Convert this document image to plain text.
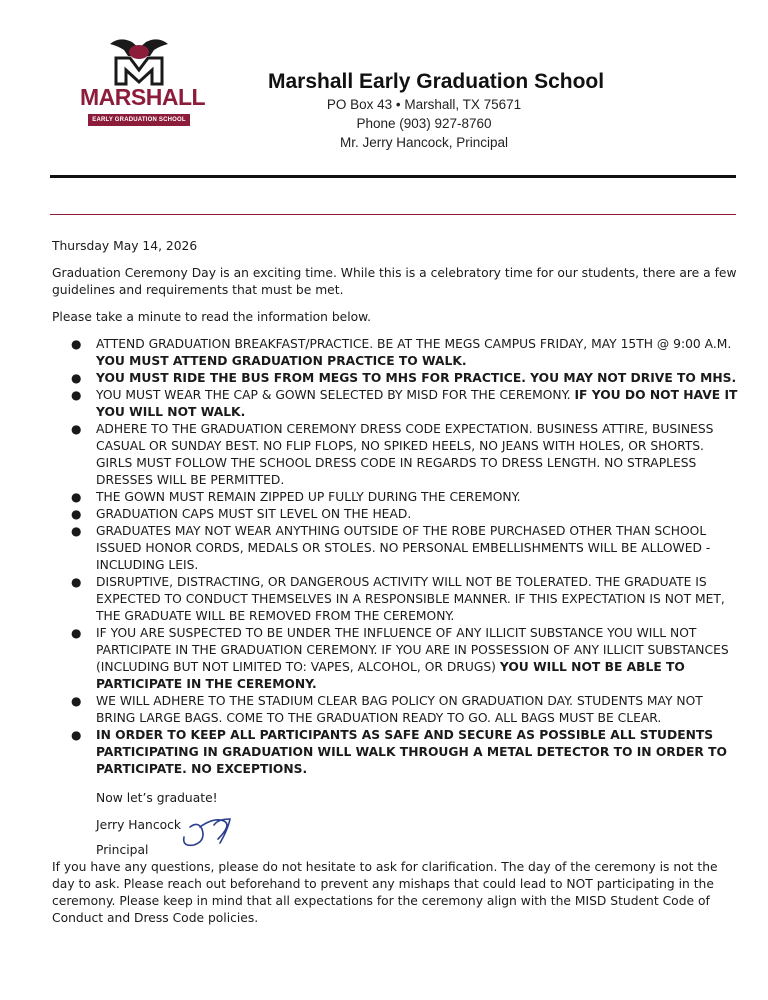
MARSHALL
EARLY GRADUATION SCHOOL
Marshall Early Graduation School
PO Box 43 • Marshall, TX 75671
Phone (903) 927-8760
Mr. Jerry Hancock, Principal

Thursday May 14, 2026

Graduation Ceremony Day is an exciting time. While this is a celebratory time for our students, there are a few guidelines and requirements that must be met.

Please take a minute to read the information below.

● ATTEND GRADUATION BREAKFAST/PRACTICE. BE AT THE MEGS CAMPUS FRIDAY, MAY 15TH @ 9:00 A.M. YOU MUST ATTEND GRADUATION PRACTICE TO WALK.
● YOU MUST RIDE THE BUS FROM MEGS TO MHS FOR PRACTICE. YOU MAY NOT DRIVE TO MHS.
● YOU MUST WEAR THE CAP & GOWN SELECTED BY MISD FOR THE CEREMONY. IF YOU DO NOT HAVE IT YOU WILL NOT WALK.
● ADHERE TO THE GRADUATION CEREMONY DRESS CODE EXPECTATION. BUSINESS ATTIRE, BUSINESS CASUAL OR SUNDAY BEST. NO FLIP FLOPS, NO SPIKED HEELS, NO JEANS WITH HOLES, OR SHORTS. GIRLS MUST FOLLOW THE SCHOOL DRESS CODE IN REGARDS TO DRESS LENGTH. NO STRAPLESS DRESSES WILL BE PERMITTED.
● THE GOWN MUST REMAIN ZIPPED UP FULLY DURING THE CEREMONY.
● GRADUATION CAPS MUST SIT LEVEL ON THE HEAD.
● GRADUATES MAY NOT WEAR ANYTHING OUTSIDE OF THE ROBE PURCHASED OTHER THAN SCHOOL ISSUED HONOR CORDS, MEDALS OR STOLES. NO PERSONAL EMBELLISHMENTS WILL BE ALLOWED - INCLUDING LEIS.
● DISRUPTIVE, DISTRACTING, OR DANGEROUS ACTIVITY WILL NOT BE TOLERATED. THE GRADUATE IS EXPECTED TO CONDUCT THEMSELVES IN A RESPONSIBLE MANNER. IF THIS EXPECTATION IS NOT MET, THE GRADUATE WILL BE REMOVED FROM THE CEREMONY.
● IF YOU ARE SUSPECTED TO BE UNDER THE INFLUENCE OF ANY ILLICIT SUBSTANCE YOU WILL NOT PARTICIPATE IN THE GRADUATION CEREMONY. IF YOU ARE IN POSSESSION OF ANY ILLICIT SUBSTANCES (INCLUDING BUT NOT LIMITED TO: VAPES, ALCOHOL, OR DRUGS) YOU WILL NOT BE ABLE TO PARTICIPATE IN THE CEREMONY.
● WE WILL ADHERE TO THE STADIUM CLEAR BAG POLICY ON GRADUATION DAY. STUDENTS MAY NOT BRING LARGE BAGS. COME TO THE GRADUATION READY TO GO. ALL BAGS MUST BE CLEAR.
● IN ORDER TO KEEP ALL PARTICIPANTS AS SAFE AND SECURE AS POSSIBLE ALL STUDENTS PARTICIPATING IN GRADUATION WILL WALK THROUGH A METAL DETECTOR TO IN ORDER TO PARTICIPATE. NO EXCEPTIONS.

Now let’s graduate!

Jerry Hancock
Principal

If you have any questions, please do not hesitate to ask for clarification. The day of the ceremony is not the day to ask. Please reach out beforehand to prevent any mishaps that could lead to NOT participating in the ceremony. Please keep in mind that all expectations for the ceremony align with the MISD Student Code of Conduct and Dress Code policies.
